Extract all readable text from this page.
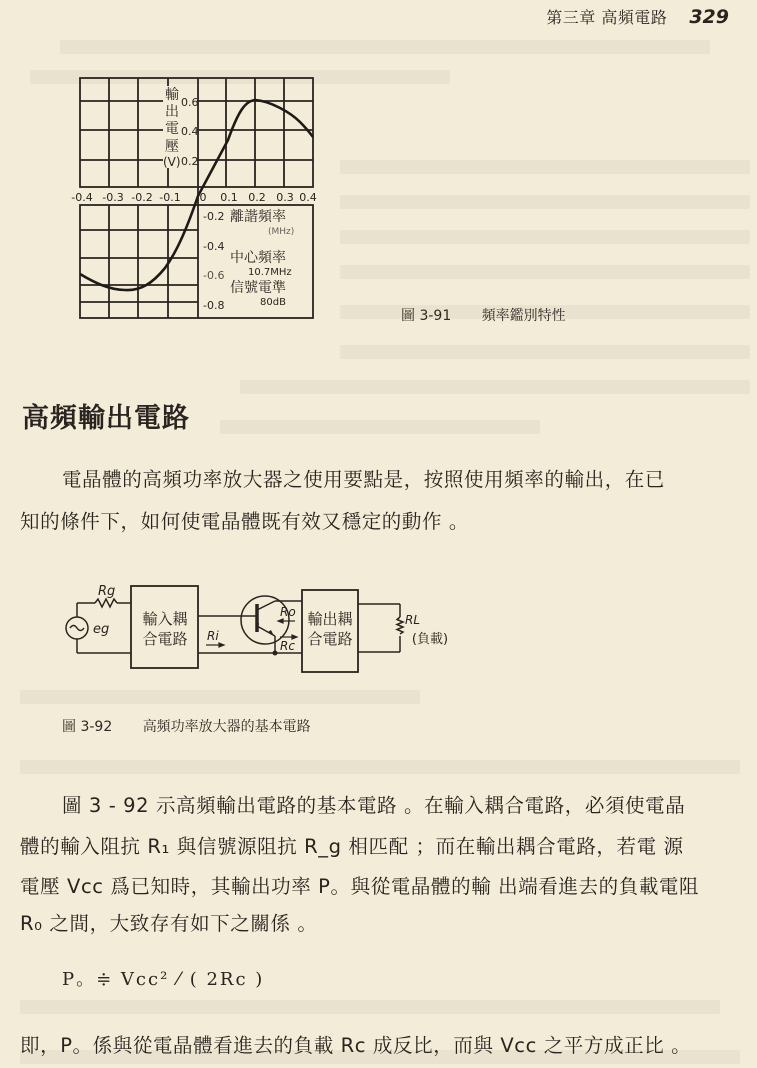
第三章 高頻電路 329
輸
出
電
壓
(V)
0.6
0.4
0.2
-0.2
-0.4
-0.6
-0.8
-0.4 -0.3 -0.2 -0.1 0 0.1 0.2 0.3 0.4
離諧頻率
(MHz)
中心頻率
10.7MHz
信號電準
80dB
圖 3-91 頻率鑑別特性
高頻輸出電路
電晶體的高頻功率放大器之使用要點是，按照使用頻率的輸出，在已
知的條件下，如何使電晶體既有效又穩定的動作 。
Rg
eg	Ri
Ro
Rc
RL
輸入耦
合電路
輸出耦
合電路	(負載)
圖 3-92 高頻功率放大器的基本電路
圖 3 - 92 示高頻輸出電路的基本電路 。在輸入耦合電路，必須使電晶
體的輸入阻抗 R₁ 與信號源阻抗 R_g 相匹配 ；而在輸出耦合電路，若電 源
電壓 Vcc 爲已知時，其輸出功率 P。與從電晶體的輸 出端看進去的負載電阻
R₀ 之間，大致存有如下之關係 。
P。≑ Vcc² ⁄ ( 2Rc )
即，P。係與從電晶體看進去的負載 Rc 成反比，而與 Vcc 之平方成正比 。
